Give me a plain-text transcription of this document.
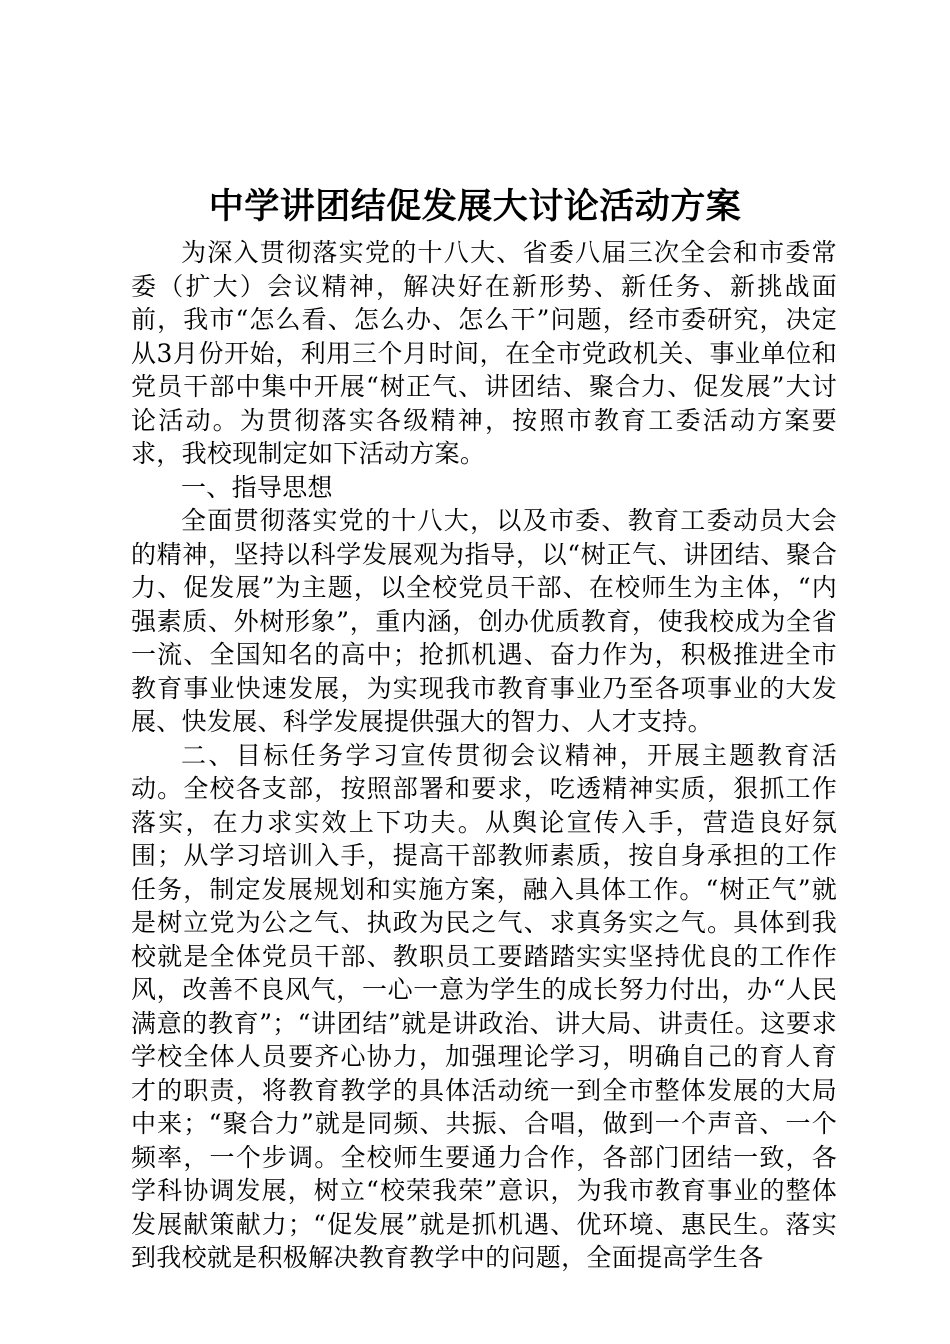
中学讲团结促发展大讨论活动方案

为深入贯彻落实党的十八大、省委八届三次全会和市委常委（扩大）会议精神，解决好在新形势、新任务、新挑战面前，我市“怎么看、怎么办、怎么干”问题，经市委研究，决定从3月份开始，利用三个月时间，在全市党政机关、事业单位和党员干部中集中开展“树正气、讲团结、聚合力、促发展”大讨论活动。为贯彻落实各级精神，按照市教育工委活动方案要求，我校现制定如下活动方案。

一、指导思想

全面贯彻落实党的十八大，以及市委、教育工委动员大会的精神，坚持以科学发展观为指导，以“树正气、讲团结、聚合力、促发展”为主题，以全校党员干部、在校师生为主体，“内强素质、外树形象”，重内涵，创办优质教育，使我校成为全省一流、全国知名的高中；抢抓机遇、奋力作为，积极推进全市教育事业快速发展，为实现我市教育事业乃至各项事业的大发展、快发展、科学发展提供强大的智力、人才支持。

二、目标任务学习宣传贯彻会议精神，开展主题教育活动。全校各支部，按照部署和要求，吃透精神实质，狠抓工作落实，在力求实效上下功夫。从舆论宣传入手，营造良好氛围；从学习培训入手，提高干部教师素质，按自身承担的工作任务，制定发展规划和实施方案，融入具体工作。“树正气”就是树立党为公之气、执政为民之气、求真务实之气。具体到我校就是全体党员干部、教职员工要踏踏实实坚持优良的工作作风，改善不良风气，一心一意为学生的成长努力付出，办“人民满意的教育”；“讲团结”就是讲政治、讲大局、讲责任。这要求学校全体人员要齐心协力，加强理论学习，明确自己的育人育才的职责，将教育教学的具体活动统一到全市整体发展的大局中来；“聚合力”就是同频、共振、合唱，做到一个声音、一个频率，一个步调。全校师生要通力合作，各部门团结一致，各学科协调发展，树立“校荣我荣”意识，为我市教育事业的整体发展献策献力；“促发展”就是抓机遇、优环境、惠民生。落实到我校就是积极解决教育教学中的问题，全面提高学生各
